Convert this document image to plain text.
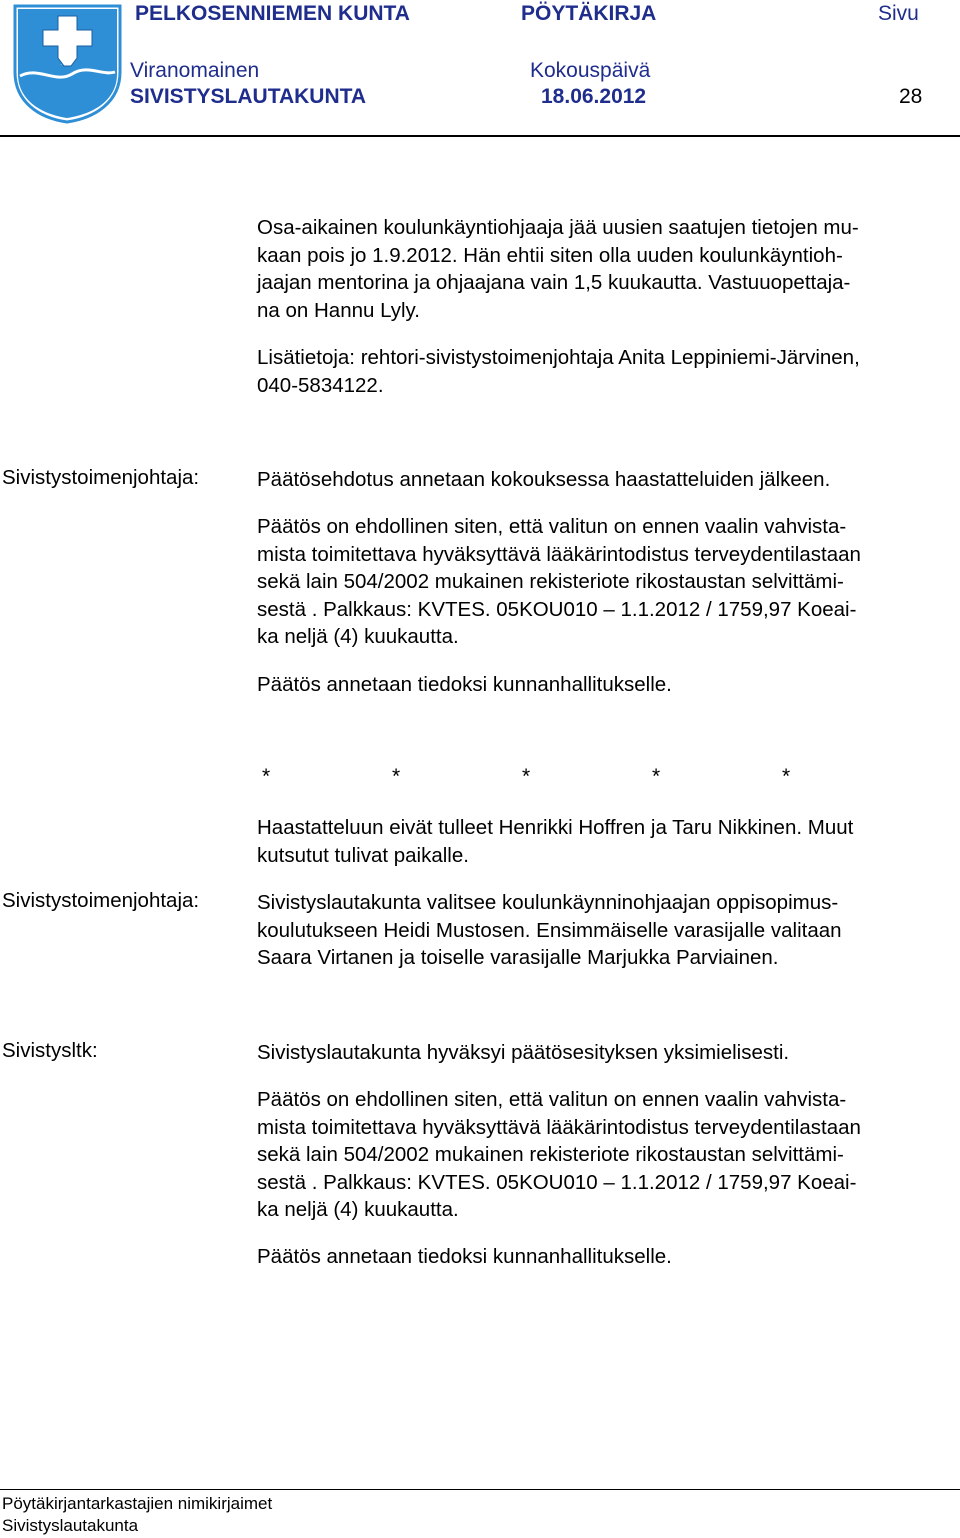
PELKOSENNIEMEN KUNTA	PÖYTÄKIRJA	Sivu
Viranomainen	Kokouspäivä
SIVISTYSLAUTAKUNTA	18.06.2012	28
Osa-aikainen koulunkäyntiohjaaja jää uusien saatujen tietojen mu-
kaan pois jo 1.9.2012. Hän ehtii siten olla uuden koulunkäyntioh-
jaajan mentorina ja ohjaajana vain 1,5 kuukautta. Vastuuopettaja-
na on Hannu Lyly.
Lisätietoja: rehtori-sivistystoimenjohtaja Anita Leppiniemi-Järvinen,
040-5834122.
Sivistystoimenjohtaja:	Päätösehdotus annetaan kokouksessa haastatteluiden jälkeen.
Päätös on ehdollinen siten, että valitun on ennen vaalin vahvista-
mista toimitettava hyväksyttävä lääkärintodistus terveydentilastaan
sekä lain 504/2002 mukainen rekisteriote rikostaustan selvittämi-
sestä . Palkkaus: KVTES. 05KOU010 – 1.1.2012 / 1759,97 Koeai-
ka neljä (4) kuukautta.
Päätös annetaan tiedoksi kunnanhallitukselle.
*	*	*	*	*
Haastatteluun eivät tulleet Henrikki Hoffren ja Taru Nikkinen. Muut
kutsutut tulivat paikalle.
Sivistystoimenjohtaja:	Sivistyslautakunta valitsee koulunkäynninohjaajan oppisopimus-
koulutukseen Heidi Mustosen. Ensimmäiselle varasijalle valitaan
Saara Virtanen ja toiselle varasijalle Marjukka Parviainen.
Sivistysltk:	Sivistyslautakunta hyväksyi päätösesityksen yksimielisesti.
Päätös on ehdollinen siten, että valitun on ennen vaalin vahvista-
mista toimitettava hyväksyttävä lääkärintodistus terveydentilastaan
sekä lain 504/2002 mukainen rekisteriote rikostaustan selvittämi-
sestä . Palkkaus: KVTES. 05KOU010 – 1.1.2012 / 1759,97 Koeai-
ka neljä (4) kuukautta.
Päätös annetaan tiedoksi kunnanhallitukselle.
Pöytäkirjantarkastajien nimikirjaimet
Sivistyslautakunta
